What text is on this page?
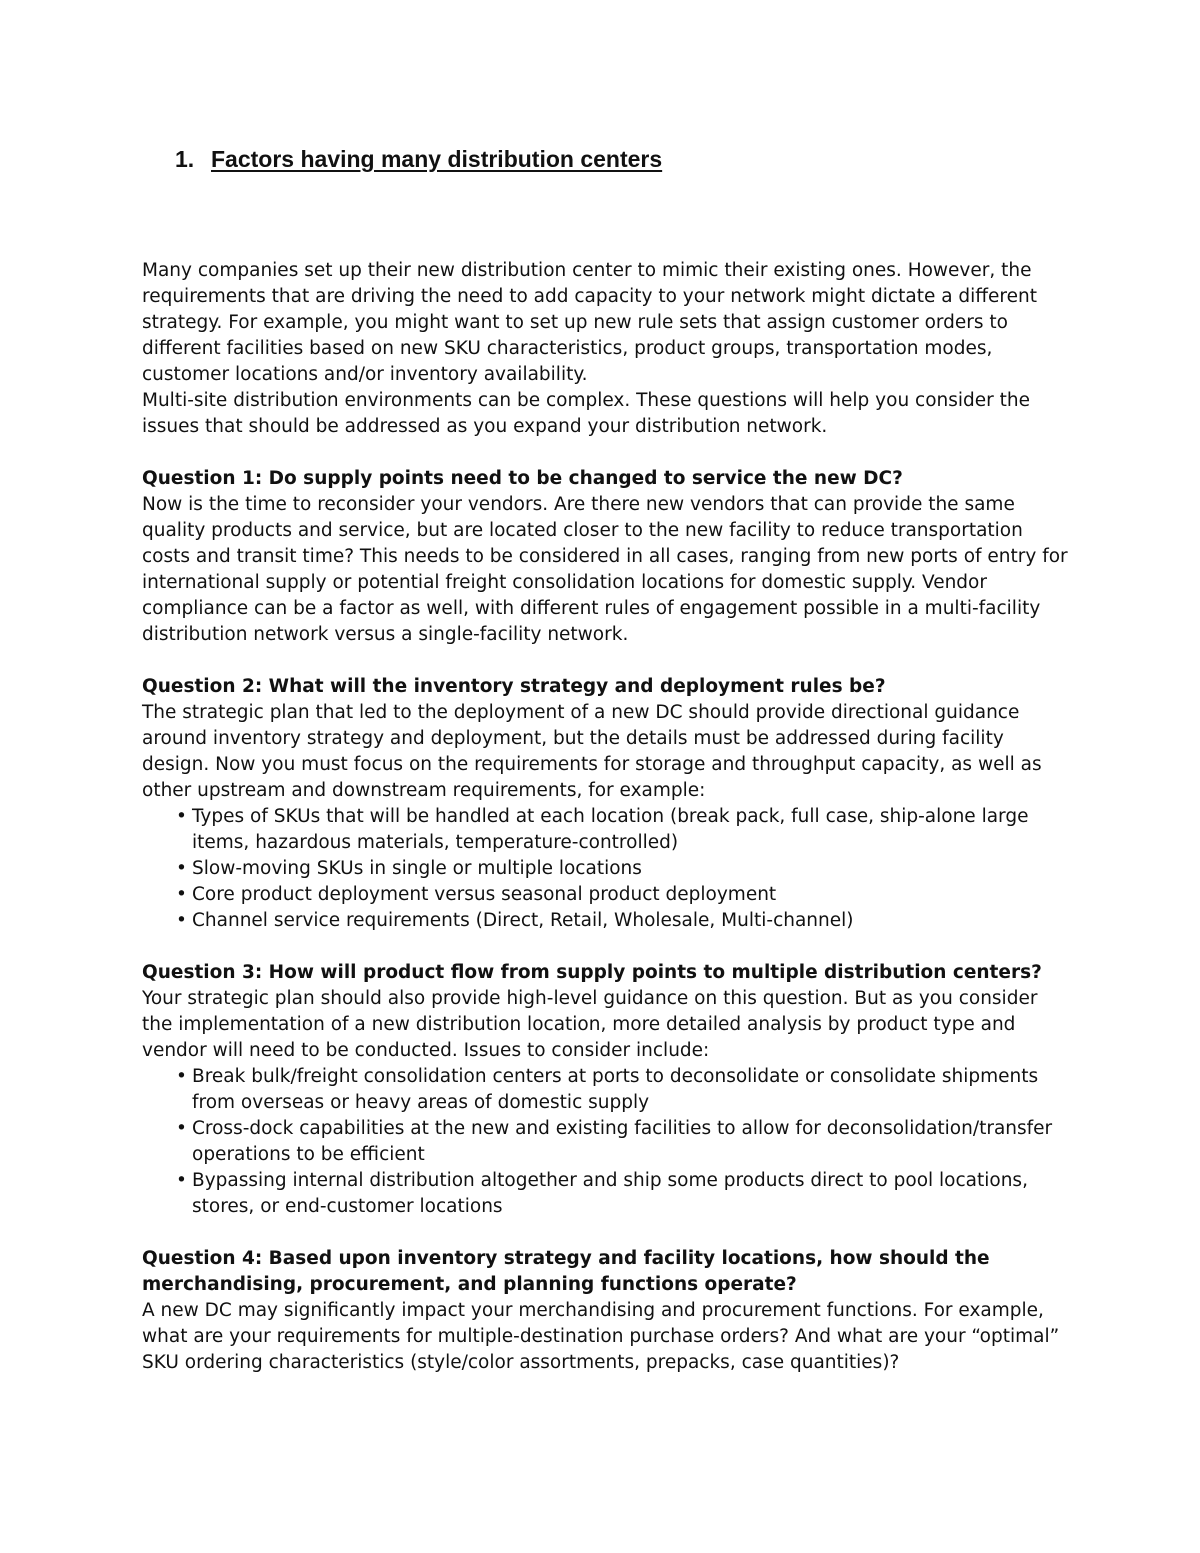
1. Factors having many distribution centers

Many companies set up their new distribution center to mimic their existing ones. However, the requirements that are driving the need to add capacity to your network might dictate a different strategy. For example, you might want to set up new rule sets that assign customer orders to different facilities based on new SKU characteristics, product groups, transportation modes, customer locations and/or inventory availability.

Multi-site distribution environments can be complex. These questions will help you consider the issues that should be addressed as you expand your distribution network.

Question 1: Do supply points need to be changed to service the new DC?

Now is the time to reconsider your vendors. Are there new vendors that can provide the same quality products and service, but are located closer to the new facility to reduce transportation costs and transit time? This needs to be considered in all cases, ranging from new ports of entry for international supply or potential freight consolidation locations for domestic supply. Vendor compliance can be a factor as well, with different rules of engagement possible in a multi-facility distribution network versus a single-facility network.

Question 2: What will the inventory strategy and deployment rules be?

The strategic plan that led to the deployment of a new DC should provide directional guidance around inventory strategy and deployment, but the details must be addressed during facility design. Now you must focus on the requirements for storage and throughput capacity, as well as other upstream and downstream requirements, for example:

• Types of SKUs that will be handled at each location (break pack, full case, ship-alone large items, hazardous materials, temperature-controlled)
• Slow-moving SKUs in single or multiple locations
• Core product deployment versus seasonal product deployment
• Channel service requirements (Direct, Retail, Wholesale, Multi-channel)

Question 3: How will product flow from supply points to multiple distribution centers?

Your strategic plan should also provide high-level guidance on this question. But as you consider the implementation of a new distribution location, more detailed analysis by product type and vendor will need to be conducted. Issues to consider include:

• Break bulk/freight consolidation centers at ports to deconsolidate or consolidate shipments from overseas or heavy areas of domestic supply
• Cross-dock capabilities at the new and existing facilities to allow for deconsolidation/transfer operations to be efficient
• Bypassing internal distribution altogether and ship some products direct to pool locations, stores, or end-customer locations

Question 4: Based upon inventory strategy and facility locations, how should the merchandising, procurement, and planning functions operate?

A new DC may significantly impact your merchandising and procurement functions. For example, what are your requirements for multiple-destination purchase orders? And what are your “optimal” SKU ordering characteristics (style/color assortments, prepacks, case quantities)?
